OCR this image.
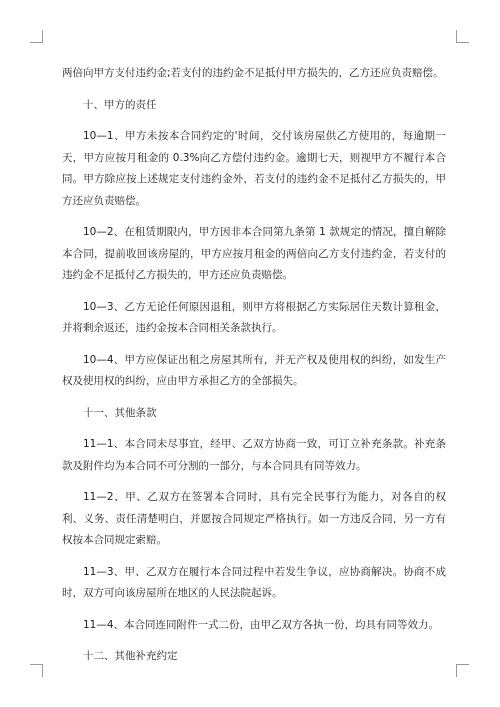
两倍向甲方支付违约金;若支付的违约金不足抵付甲方损失的，乙方还应负责赔偿。

十、甲方的责任

10—1、甲方未按本合同约定的'时间，交付该房屋供乙方使用的，每逾期一天，甲方应按月租金的 0.3%向乙方偿付违约金。逾期七天，则视甲方不履行本合同。甲方除应按上述规定支付违约金外，若支付的违约金不足抵付乙方损失的，甲方还应负责赔偿。

10—2、在租赁期限内，甲方因非本合同第九条第 1 款规定的情况，擅自解除本合同，提前收回该房屋的，甲方应按月租金的两倍向乙方支付违约金，若支付的违约金不足抵付乙方损失的，甲方还应负责赔偿。

10—3、乙方无论任何原因退租，则甲方将根据乙方实际居住天数计算租金，并将剩余返还，违约金按本合同相关条款执行。

10—4、甲方应保证出租之房屋其所有，并无产权及使用权的纠纷，如发生产权及使用权的纠纷，应由甲方承担乙方的全部损失。

十一、其他条款

11—1、本合同未尽事宜，经甲、乙双方协商一致，可订立补充条款。补充条款及附件均为本合同不可分割的一部分，与本合同具有同等效力。

11—2、甲、乙双方在签署本合同时，具有完全民事行为能力，对各自的权利、义务、责任清楚明白，并愿按合同规定严格执行。如一方违反合同，另一方有权按本合同规定索赔。

11—3、甲、乙双方在履行本合同过程中若发生争议，应协商解决。协商不成时，双方可向该房屋所在地区的人民法院起诉。

11—4、本合同连同附件一式二份，由甲乙双方各执一份，均具有同等效力。

十二、其他补充约定
